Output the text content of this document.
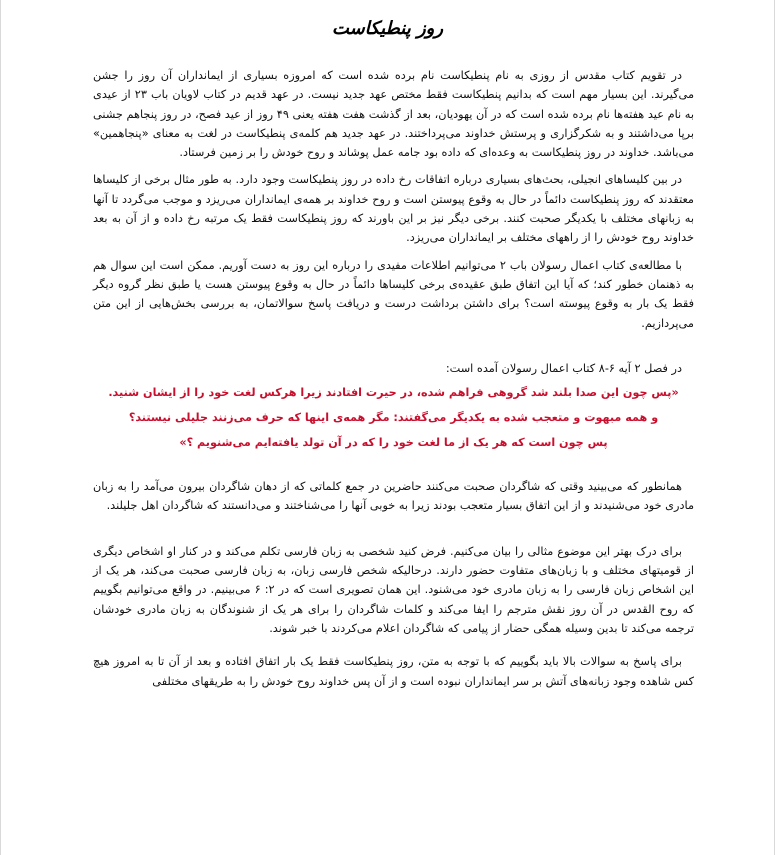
روز پنطیکاست

در تقویم کتاب مقدس از روزی به نام پنطیکاست نام برده شده است که امروزه بسیاری از ایمانداران آن روز را جشن می‌گیرند. این بسیار مهم است که بدانیم پنطیکاست فقط مختص عهد جدید نیست. در عهد قدیم در کتاب لاویان باب ۲۳ از عیدی به نام عید هفته‌ها نام برده شده است که در آن یهودیان، بعد از گذشت هفت هفته یعنی ۴۹ روز از عید فصح، در روز پنجاهم جشنی برپا می‌داشتند و به شکرگزاری و پرستش خداوند می‌پرداختند. در عهد جدید هم کلمه‌ی پنطیکاست در لغت به معنای «پنجاهمین» می‌باشد. خداوند در روز پنطیکاست به وعده‌ای که داده بود جامه عمل پوشاند و روح خودش را بر زمین فرستاد.

در بین کلیساهای انجیلی، بحث‌های بسیاری درباره اتفاقات رخ داده در روز پنطیکاست وجود دارد. به طور مثال برخی از کلیساها معتقدند که روز پنطیکاست دائماً در حال به وقوع پیوستن است و روح خداوند بر همه‌ی ایمانداران می‌ریزد و موجب می‌گردد تا آنها به زبانهای مختلف با یکدیگر صحبت کنند. برخی دیگر نیز بر این باورند که روز پنطیکاست فقط یک مرتبه رخ داده و از آن به بعد خداوند روح خودش را از راههای مختلف بر ایمانداران می‌ریزد.

با مطالعه‌ی کتاب اعمال رسولان باب ۲ می‌توانیم اطلاعات مفیدی را درباره این روز به دست آوریم. ممکن است این سوال هم به ذهنمان خطور کند؛ که آیا این اتفاق طبق عقیده‌ی برخی کلیساها دائماً در حال به وقوع پیوستن هست یا طبق نظر گروه دیگر فقط یک بار به وقوع پیوسته است؟ برای داشتن برداشت درست و دریافت پاسخ سوالاتمان، به بررسی بخش‌هایی از این متن می‌پردازیم.

در فصل ۲ آیه ۶-۸ کتاب اعمال رسولان آمده است:

«پس چون این صدا بلند شد گروهی فراهم شده، در حیرت افتادند زیرا هرکس لغت خود را از ایشان شنید.
و همه مبهوت و متعجب شده به یکدیگر می‌گفتند: مگر همه‌ی اینها که حرف می‌زنند جلیلی نیستند؟
پس چون است که هر یک از ما لغت خود را که در آن تولد یافته‌ایم می‌شنویم ؟»

همانطور که می‌بینید وقتی که شاگردان صحبت می‌کنند حاضرین در جمع کلماتی که از دهان شاگردان بیرون می‌آمد را به زبان مادری خود می‌شنیدند و از این اتفاق بسیار متعجب بودند زیرا به خوبی آنها را می‌شناختند و می‌دانستند که شاگردان اهل جلیلند.

برای درک بهتر این موضوع مثالی را بیان می‌کنیم. فرض کنید شخصی به زبان فارسی تکلم می‌کند و در کنار او اشخاص دیگری از قومیتهای مختلف و با زبان‌های متفاوت حضور دارند. درحالیکه شخص فارسی زبان، به زبان فارسی صحبت می‌کند، هر یک از این اشخاص زبان فارسی را به زبان مادری خود می‌شنود. این همان تصویری است که در ۲: ۶ می‌بینیم. در واقع می‌توانیم بگوییم که روح القدس در آن روز نقش مترجم را ایفا می‌کند و کلمات شاگردان را برای هر یک از شنوندگان به زبان مادری خودشان ترجمه می‌کند تا بدین وسیله همگی حضار از پیامی که شاگردان اعلام می‌کردند با خبر شوند.

برای پاسخ به سوالات بالا باید بگوییم که با توجه به متن، روز پنطیکاست فقط یک بار اتفاق افتاده و بعد از آن تا به امروز هیچ کس شاهده وجود زبانه‌های آتش بر سر ایمانداران نبوده است و از آن پس خداوند روح خودش را به طریقهای مختلفی
